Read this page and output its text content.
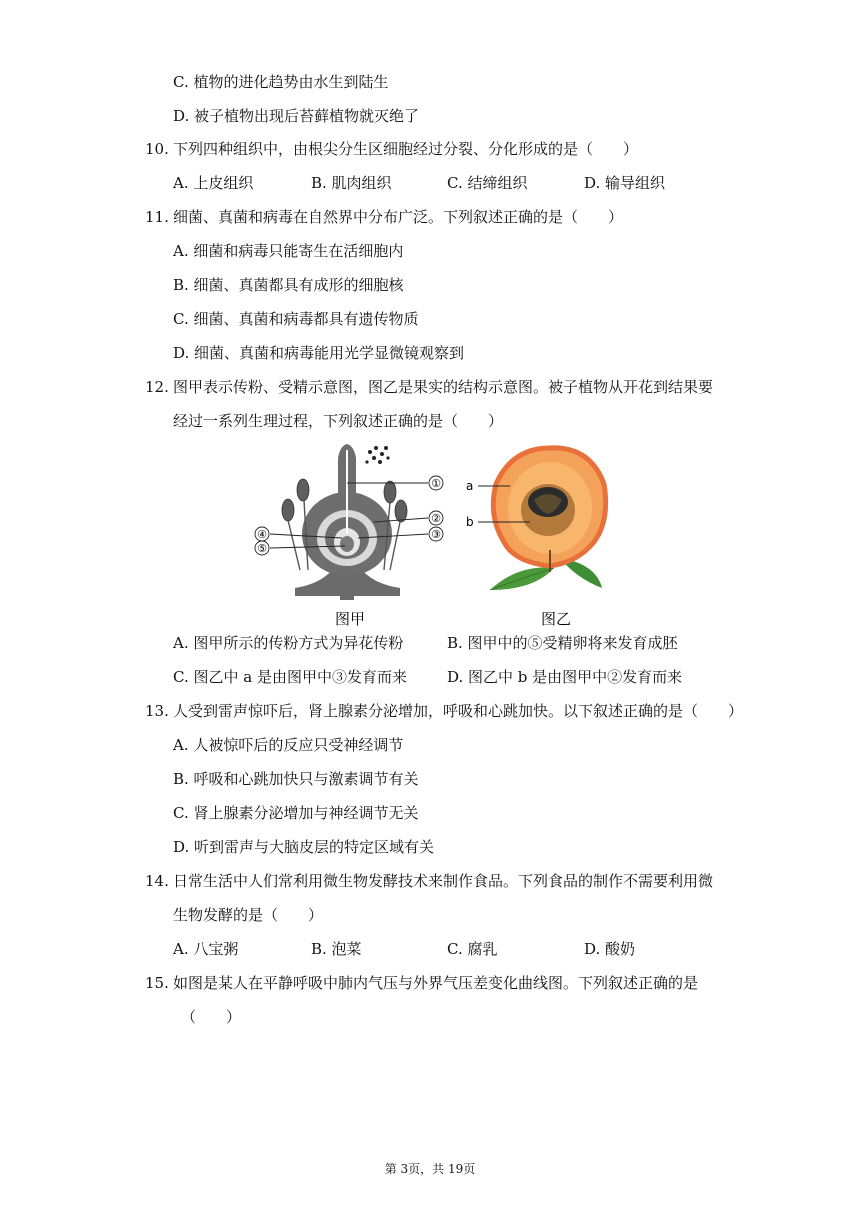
C. 植物的进化趋势由水生到陆生
D. 被子植物出现后苔藓植物就灭绝了
10. 下列四种组织中，由根尖分生区细胞经过分裂、分化形成的是（　　）
A. 上皮组织	B. 肌肉组织	C. 结缔组织	D. 输导组织
11. 细菌、真菌和病毒在自然界中分布广泛。下列叙述正确的是（　　）
A. 细菌和病毒只能寄生在活细胞内
B. 细菌、真菌都具有成形的细胞核
C. 细菌、真菌和病毒都具有遗传物质
D. 细菌、真菌和病毒能用光学显微镜观察到
12. 图甲表示传粉、受精示意图，图乙是果实的结构示意图。被子植物从开花到结果要
经过一系列生理过程，下列叙述正确的是（　　）
①
②
③
④
⑤
图甲
a
b
图乙
A. 图甲所示的传粉方式为异花传粉	B. 图甲中的⑤受精卵将来发育成胚
C. 图乙中 a 是由图甲中③发育而来	D. 图乙中 b 是由图甲中②发育而来
13. 人受到雷声惊吓后，肾上腺素分泌增加，呼吸和心跳加快。以下叙述正确的是（　　）
A. 人被惊吓后的反应只受神经调节
B. 呼吸和心跳加快只与激素调节有关
C. 肾上腺素分泌增加与神经调节无关
D. 听到雷声与大脑皮层的特定区域有关
14. 日常生活中人们常利用微生物发酵技术来制作食品。下列食品的制作不需要利用微
生物发酵的是（　　）
A. 八宝粥	B. 泡菜	C. 腐乳	D. 酸奶
15. 如图是某人在平静呼吸中肺内气压与外界气压差变化曲线图。下列叙述正确的是
（　　）
第 3页，共 19页
